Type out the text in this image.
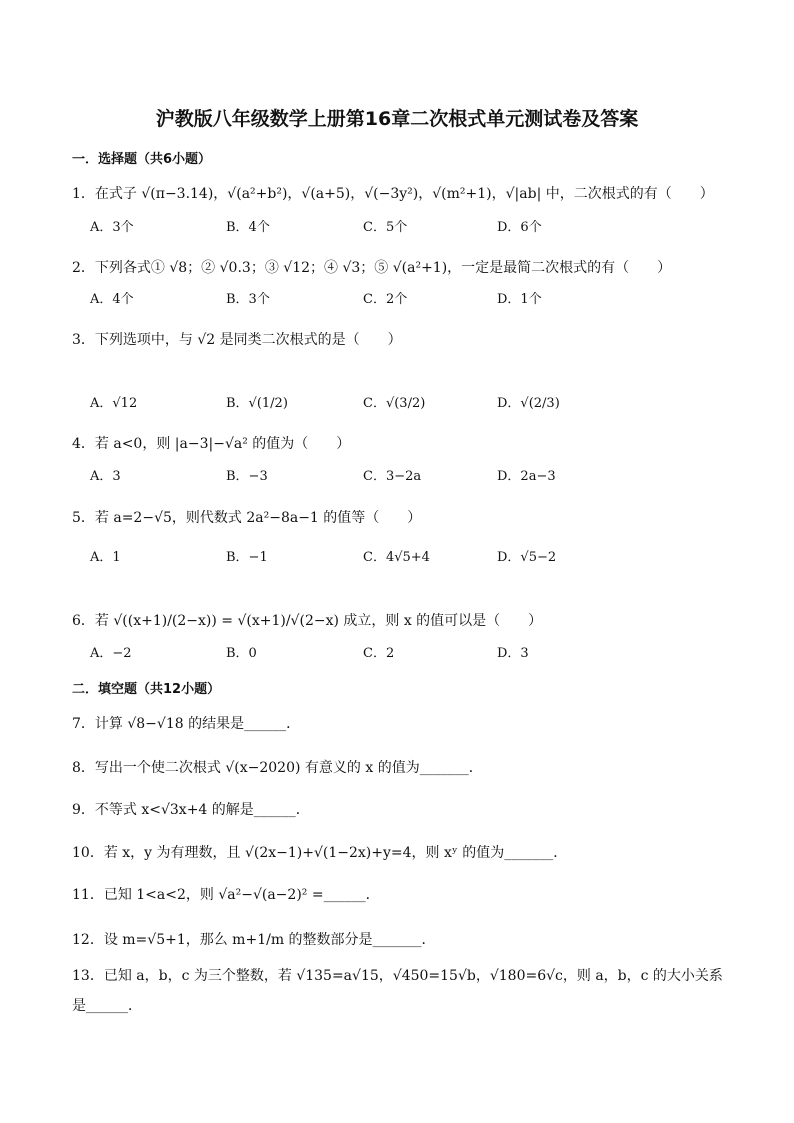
沪教版八年级数学上册第16章二次根式单元测试卷及答案
一．选择题（共6小题）
1．在式子 √(π−3.14)，√(a²+b²)，√(a+5)，√(−3y²)，√(m²+1)，√|ab| 中，二次根式的有（　　）
A．3个	B．4个	C．5个	D．6个
2．下列各式① √8；② √0.3；③ √12；④ √3；⑤ √(a²+1)，一定是最简二次根式的有（　　）
A．4个	B．3个	C．2个	D．1个
3．下列选项中，与 √2 是同类二次根式的是（　　）
A．√12	B．√(1/2)	C．√(3/2)	D．√(2/3)
4．若 a<0，则 |a−3|−√a² 的值为（　　）
A．3	B．−3	C．3−2a	D．2a−3
5．若 a=2−√5，则代数式 2a²−8a−1 的值等（　　）
A．1	B．−1	C．4√5+4	D．√5−2
6．若 √((x+1)/(2−x)) = √(x+1)/√(2−x) 成立，则 x 的值可以是（　　）
A．−2	B．0	C．2	D．3
二．填空题（共12小题）
7．计算 √8−√18 的结果是______．
8．写出一个使二次根式 √(x−2020) 有意义的 x 的值为_______．
9．不等式 x<√3x+4 的解是______．
10．若 x，y 为有理数，且 √(2x−1)+√(1−2x)+y=4，则 xʸ 的值为_______．
11．已知 1<a<2，则 √a²−√(a−2)² =______．
12．设 m=√5+1，那么 m+1/m 的整数部分是_______．
13．已知 a，b，c 为三个整数，若 √135=a√15，√450=15√b，√180=6√c，则 a，b，c 的大小关系
是______．
